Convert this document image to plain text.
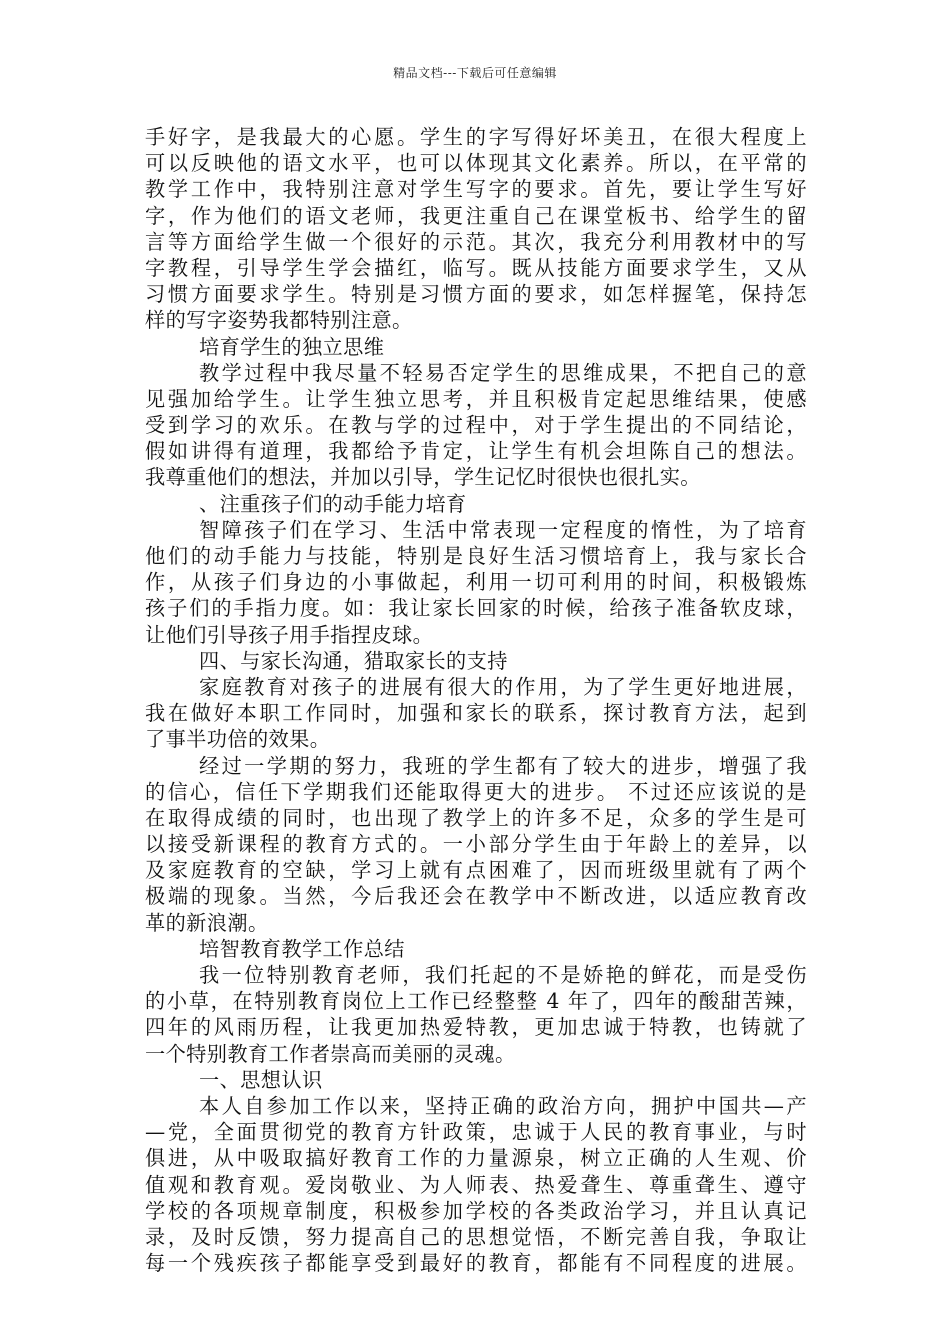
精品文档---下载后可任意编辑
手好字，是我最大的心愿。学生的字写得好坏美丑，在很大程度上
可以反映他的语文水平，也可以体现其文化素养。所以，在平常的
教学工作中，我特别注意对学生写字的要求。首先，要让学生写好
字，作为他们的语文老师，我更注重自己在课堂板书、给学生的留
言等方面给学生做一个很好的示范。其次，我充分利用教材中的写
字教程，引导学生学会描红，临写。既从技能方面要求学生，又从
习惯方面要求学生。特别是习惯方面的要求，如怎样握笔，保持怎
样的写字姿势我都特别注意。
培育学生的独立思维
教学过程中我尽量不轻易否定学生的思维成果，不把自己的意
见强加给学生。让学生独立思考，并且积极肯定起思维结果，使感
受到学习的欢乐。在教与学的过程中，对于学生提出的不同结论，
假如讲得有道理，我都给予肯定，让学生有机会坦陈自己的想法。
我尊重他们的想法，并加以引导，学生记忆时很快也很扎实。
、注重孩子们的动手能力培育
智障孩子们在学习、生活中常表现一定程度的惰性，为了培育
他们的动手能力与技能，特别是良好生活习惯培育上，我与家长合
作，从孩子们身边的小事做起，利用一切可利用的时间，积极锻炼
孩子们的手指力度。如：我让家长回家的时候，给孩子准备软皮球，
让他们引导孩子用手指捏皮球。
四、与家长沟通，猎取家长的支持
家庭教育对孩子的进展有很大的作用，为了学生更好地进展，
我在做好本职工作同时，加强和家长的联系，探讨教育方法，起到
了事半功倍的效果。
经过一学期的努力，我班的学生都有了较大的进步，增强了我
的信心，信任下学期我们还能取得更大的进步。 不过还应该说的是
在取得成绩的同时，也出现了教学上的许多不足，众多的学生是可
以接受新课程的教育方式的。一小部分学生由于年龄上的差异，以
及家庭教育的空缺，学习上就有点困难了，因而班级里就有了两个
极端的现象。当然，今后我还会在教学中不断改进，以适应教育改
革的新浪潮。
培智教育教学工作总结
我一位特别教育老师，我们托起的不是娇艳的鲜花，而是受伤
的小草，在特别教育岗位上工作已经整整 4 年了，四年的酸甜苦辣，
四年的风雨历程，让我更加热爱特教，更加忠诚于特教，也铸就了
一个特别教育工作者崇高而美丽的灵魂。
一、思想认识
本人自参加工作以来，坚持正确的政治方向，拥护中国共—产
—党，全面贯彻党的教育方针政策，忠诚于人民的教育事业，与时
俱进，从中吸取搞好教育工作的力量源泉，树立正确的人生观、价
值观和教育观。爱岗敬业、为人师表、热爱聋生、尊重聋生、遵守
学校的各项规章制度，积极参加学校的各类政治学习，并且认真记
录，及时反馈，努力提高自己的思想觉悟，不断完善自我，争取让
每一个残疾孩子都能享受到最好的教育，都能有不同程度的进展。
